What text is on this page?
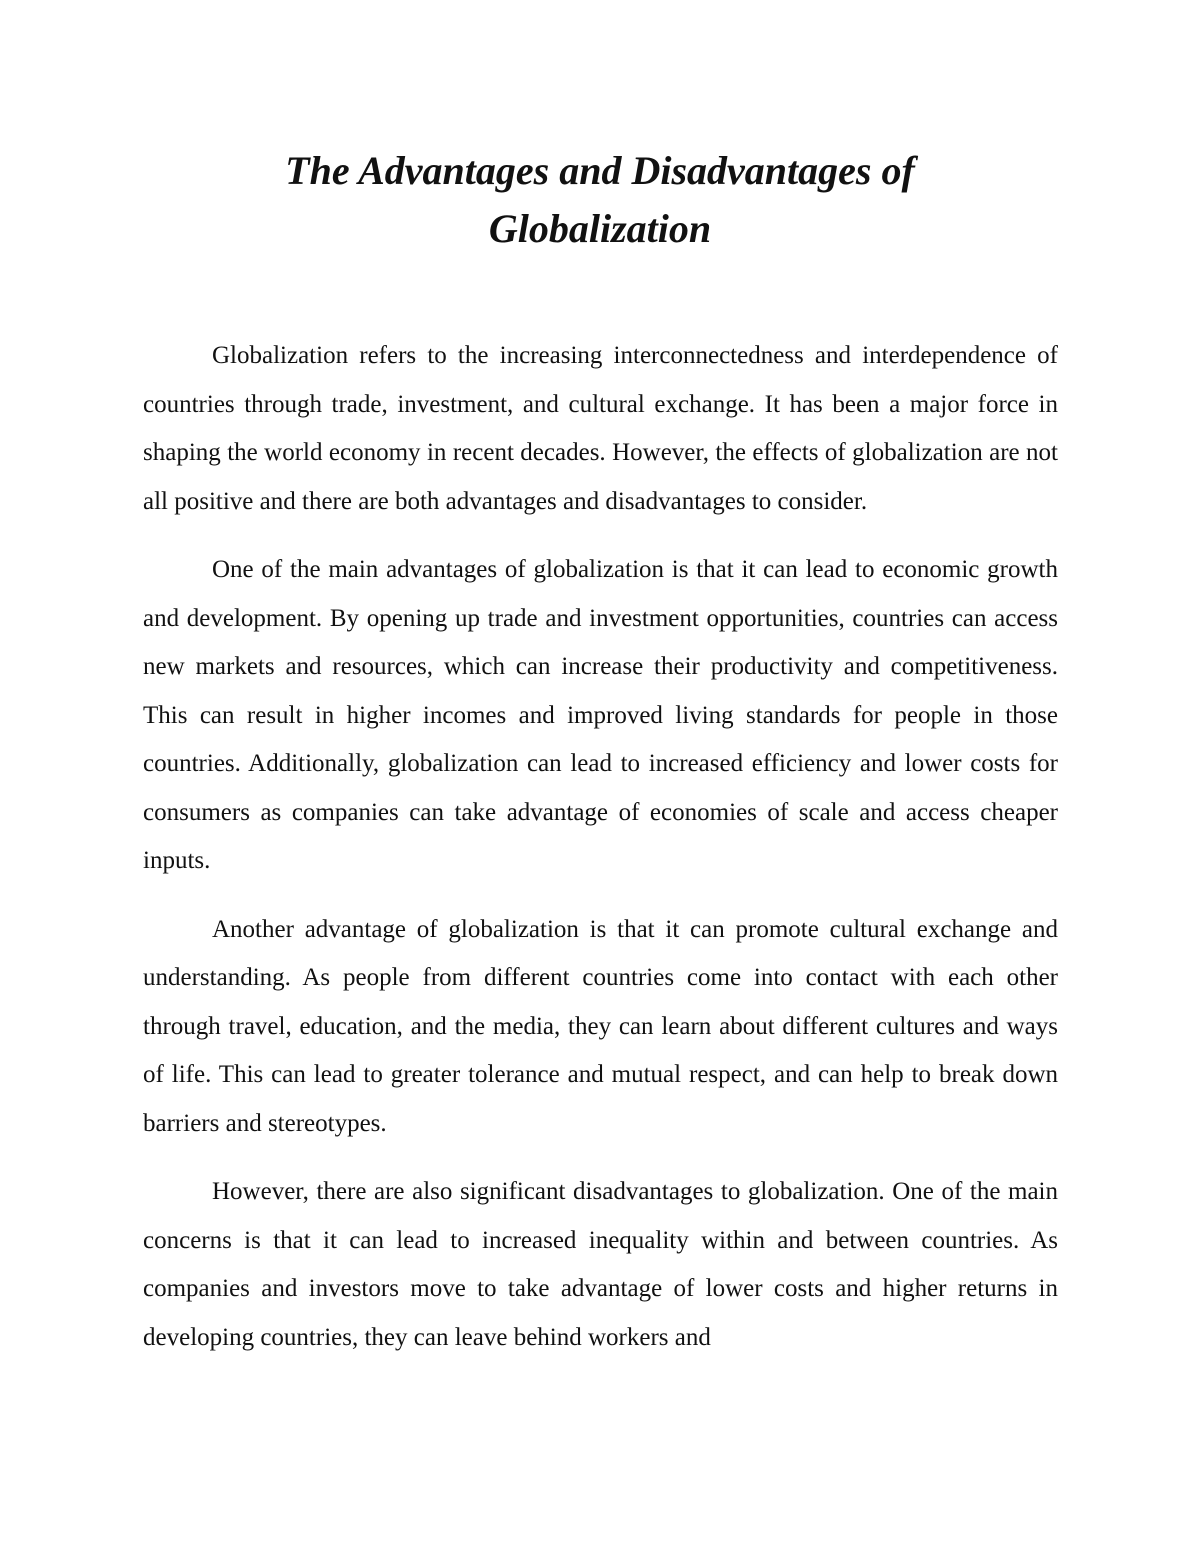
The Advantages and Disadvantages of
Globalization

Globalization refers to the increasing interconnectedness and interdependence of countries through trade, investment, and cultural exchange. It has been a major force in shaping the world economy in recent decades. However, the effects of globalization are not all positive and there are both advantages and disadvantages to consider.

One of the main advantages of globalization is that it can lead to economic growth and development. By opening up trade and investment opportunities, countries can access new markets and resources, which can increase their productivity and competitiveness. This can result in higher incomes and improved living standards for people in those countries. Additionally, globalization can lead to increased efficiency and lower costs for consumers as companies can take advantage of economies of scale and access cheaper inputs.

Another advantage of globalization is that it can promote cultural exchange and understanding. As people from different countries come into contact with each other through travel, education, and the media, they can learn about different cultures and ways of life. This can lead to greater tolerance and mutual respect, and can help to break down barriers and stereotypes.

However, there are also significant disadvantages to globalization. One of the main concerns is that it can lead to increased inequality within and between countries. As companies and investors move to take advantage of lower costs and higher returns in developing countries, they can leave behind workers and
